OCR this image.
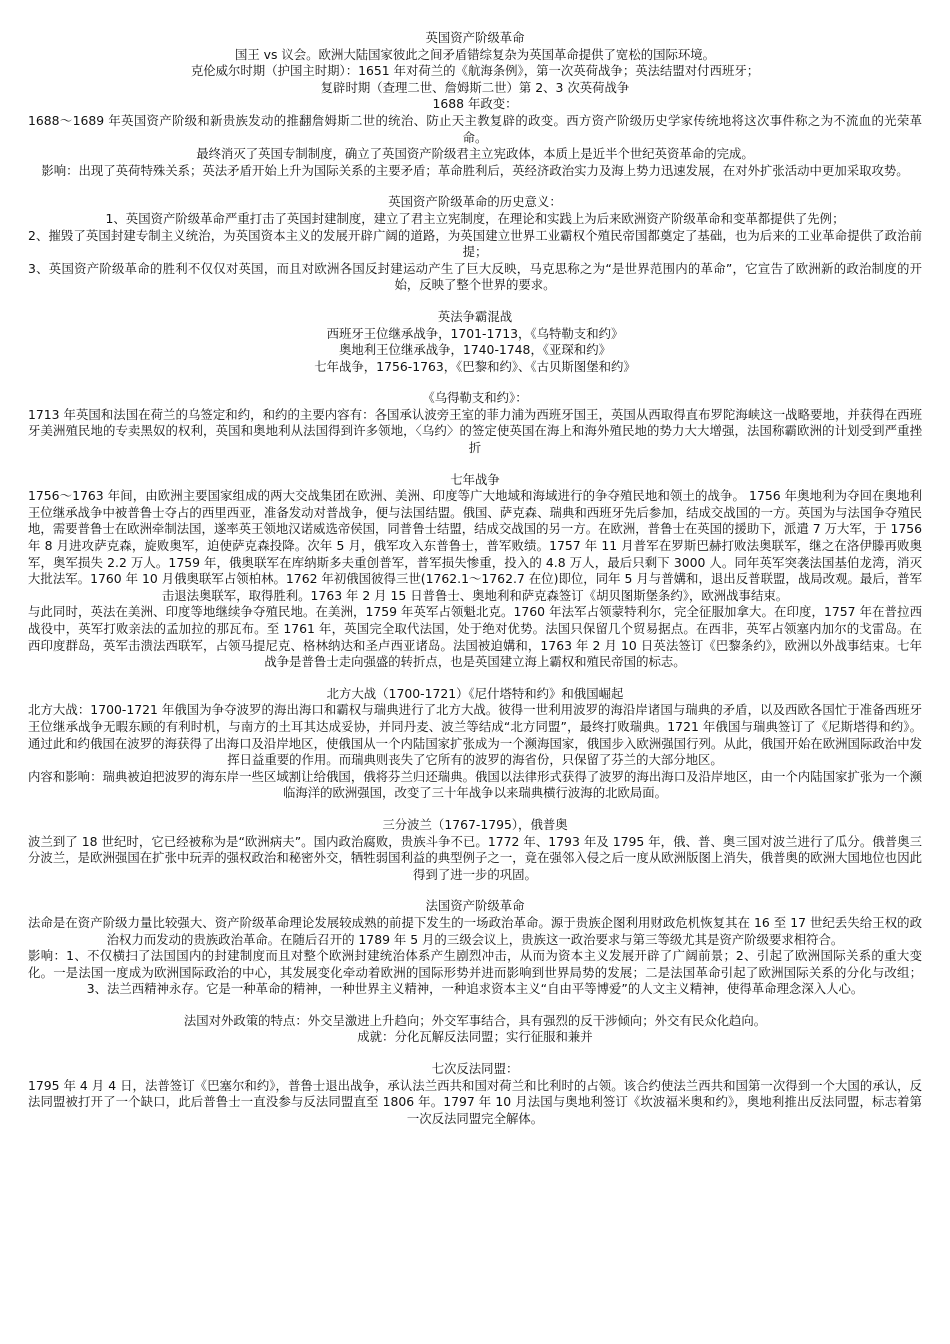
英国资产阶级革命

国王 vs 议会。欧洲大陆国家彼此之间矛盾错综复杂为英国革命提供了宽松的国际环境。

克伦威尔时期（护国主时期）：1651 年对荷兰的《航海条例》，第一次英荷战争；英法结盟对付西班牙；

复辟时期（查理二世、詹姆斯二世）第 2、3 次英荷战争

1688 年政变：

1688～1689 年英国资产阶级和新贵族发动的推翻詹姆斯二世的统治、防止天主教复辟的政变。西方资产阶级历史学家传统地将这次事件称之为不流血的光荣革命。

最终消灭了英国专制制度，确立了英国资产阶级君主立宪政体，本质上是近半个世纪英资革命的完成。

影响：出现了英荷特殊关系；英法矛盾开始上升为国际关系的主要矛盾；革命胜利后，英经济政治实力及海上势力迅速发展，在对外扩张活动中更加采取攻势。

英国资产阶级革命的历史意义：

1、英国资产阶级革命严重打击了英国封建制度，建立了君主立宪制度，在理论和实践上为后来欧洲资产阶级革命和变革都提供了先例；

2、摧毁了英国封建专制主义统治，为英国资本主义的发展开辟广阔的道路，为英国建立世界工业霸权个殖民帝国都奠定了基础，也为后来的工业革命提供了政治前提；

3、英国资产阶级革命的胜利不仅仅对英国，而且对欧洲各国反封建运动产生了巨大反映，马克思称之为“是世界范围内的革命”，它宣告了欧洲新的政治制度的开始，反映了整个世界的要求。

英法争霸混战

西班牙王位继承战争，1701-1713，《乌特勒支和约》

奥地利王位继承战争，1740-1748，《亚琛和约》

七年战争，1756-1763，《巴黎和约》、《古贝斯图堡和约》

《乌得勒支和约》：

1713 年英国和法国在荷兰的乌签定和约，和约的主要内容有：各国承认波旁王室的菲力浦为西班牙国王，英国从西取得直布罗陀海峡这一战略要地，并获得在西班牙美洲殖民地的专卖黑奴的权利，英国和奥地利从法国得到许多领地，〈乌约〉的签定使英国在海上和海外殖民地的势力大大增强，法国称霸欧洲的计划受到严重挫折

七年战争

1756～1763 年间，由欧洲主要国家组成的两大交战集团在欧洲、美洲、印度等广大地域和海域进行的争夺殖民地和领土的战争。 1756 年奥地利为夺回在奥地利王位继承战争中被普鲁士夺占的西里西亚，准备发动对普战争，便与法国结盟。俄国、萨克森、瑞典和西班牙先后参加，结成交战国的一方。英国为与法国争夺殖民地，需要普鲁士在欧洲牵制法国，遂率英王领地汉诺威选帝侯国，同普鲁士结盟，结成交战国的另一方。在欧洲，普鲁士在英国的援助下，派遣 7 万大军，于 1756 年 8 月进攻萨克森，旋败奥军，迫使萨克森投降。次年 5 月，俄军攻入东普鲁士，普军败绩。1757 年 11 月普军在罗斯巴赫打败法奥联军，继之在洛伊滕再败奥军，奥军损失 2.2 万人。1759 年，俄奥联军在库纳斯多夫重创普军，普军损失惨重，投入的 4.8 万人，最后只剩下 3000 人。同年英军突袭法国基伯龙湾，消灭大批法军。1760 年 10 月俄奥联军占领柏林。1762 年初俄国彼得三世(1762.1～1762.7 在位)即位，同年 5 月与普媾和，退出反普联盟，战局改观。最后，普军击退法奥联军，取得胜利。1763 年 2 月 15 日普鲁士、奥地利和萨克森签订《胡贝图斯堡条约》，欧洲战事结束。

与此同时，英法在美洲、印度等地继续争夺殖民地。在美洲，1759 年英军占领魁北克。1760 年法军占领蒙特利尔，完全征服加拿大。在印度，1757 年在普拉西战役中，英军打败亲法的孟加拉的那瓦布。至 1761 年，英国完全取代法国，处于绝对优势。法国只保留几个贸易据点。在西非，英军占领塞内加尔的戈雷岛。在西印度群岛，英军击溃法西联军，占领马提尼克、格林纳达和圣卢西亚诸岛。法国被迫媾和，1763 年 2 月 10 日英法签订《巴黎条约》，欧洲以外战事结束。七年战争是普鲁士走向强盛的转折点，也是英国建立海上霸权和殖民帝国的标志。

北方大战（1700-1721）《尼什塔特和约》和俄国崛起

北方大战：1700-1721 年俄国为争夺波罗的海出海口和霸权与瑞典进行了北方大战。彼得一世利用波罗的海沿岸诸国与瑞典的矛盾，以及西欧各国忙于准备西班牙王位继承战争无暇东顾的有利时机，与南方的土耳其达成妥协，并同丹麦、波兰等结成“北方同盟”，最终打败瑞典。1721 年俄国与瑞典签订了《尼斯塔得和约》。通过此和约俄国在波罗的海获得了出海口及沿岸地区，使俄国从一个内陆国家扩张成为一个濒海国家，俄国步入欧洲强国行列。从此，俄国开始在欧洲国际政治中发挥日益重要的作用。而瑞典则丧失了它所有的波罗的海省份，只保留了芬兰的大部分地区。

内容和影响：瑞典被迫把波罗的海东岸一些区域割让给俄国，俄将芬兰归还瑞典。俄国以法律形式获得了波罗的海出海口及沿岸地区，由一个内陆国家扩张为一个濒临海洋的欧洲强国，改变了三十年战争以来瑞典横行波海的北欧局面。

三分波兰（1767-1795），俄普奥

波兰到了 18 世纪时，它已经被称为是“欧洲病夫”。国内政治腐败，贵族斗争不已。1772 年、1793 年及 1795 年，俄、普、奥三国对波兰进行了瓜分。俄普奥三分波兰，是欧洲强国在扩张中玩弄的强权政治和秘密外交，牺牲弱国利益的典型例子之一，竟在强邻入侵之后一度从欧洲版图上消失，俄普奥的欧洲大国地位也因此得到了进一步的巩固。

法国资产阶级革命

法命是在资产阶级力量比较强大、资产阶级革命理论发展较成熟的前提下发生的一场政治革命。源于贵族企图利用财政危机恢复其在 16 至 17 世纪丢失给王权的政治权力而发动的贵族政治革命。在随后召开的 1789 年 5 月的三级会议上，贵族这一政治要求与第三等级尤其是资产阶级要求相符合。

影响：1、不仅横扫了法国国内的封建制度而且对整个欧洲封建统治体系产生剧烈冲击，从而为资本主义发展开辟了广阔前景；2、引起了欧洲国际关系的重大变化。一是法国一度成为欧洲国际政治的中心，其发展变化牵动着欧洲的国际形势并进而影响到世界局势的发展；二是法国革命引起了欧洲国际关系的分化与改组；3、法兰西精神永存。它是一种革命的精神，一种世界主义精神，一种追求资本主义“自由平等博爱”的人文主义精神，使得革命理念深入人心。

法国对外政策的特点：外交呈激进上升趋向；外交军事结合，具有强烈的反干涉倾向；外交有民众化趋向。

成就：分化瓦解反法同盟；实行征服和兼并

七次反法同盟：

1795 年 4 月 4 日，法普签订《巴塞尔和约》，普鲁士退出战争，承认法兰西共和国对荷兰和比利时的占领。该合约使法兰西共和国第一次得到一个大国的承认，反法同盟被打开了一个缺口，此后普鲁士一直没参与反法同盟直至 1806 年。1797 年 10 月法国与奥地利签订《坎波福米奥和约》，奥地利推出反法同盟，标志着第一次反法同盟完全解体。
